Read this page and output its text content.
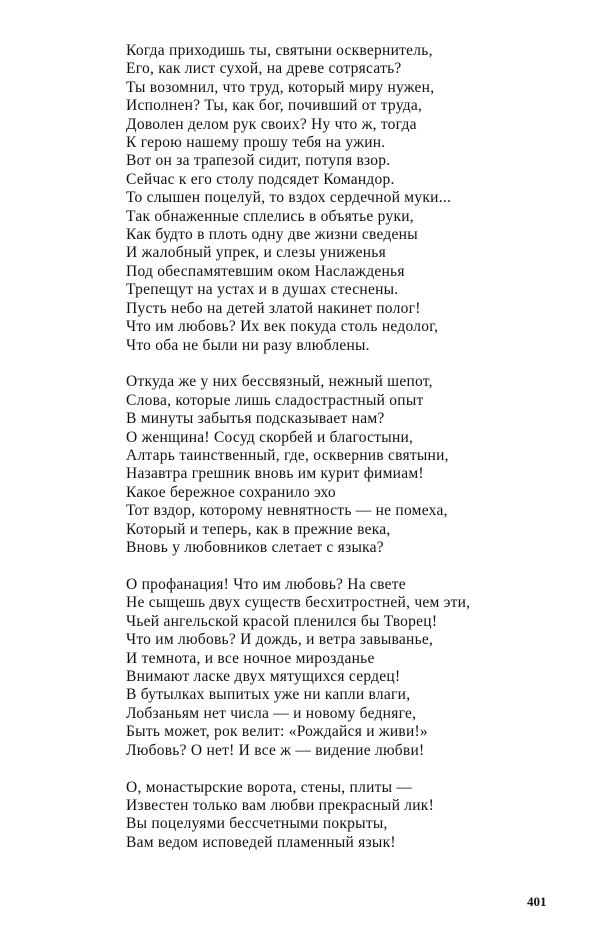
Когда приходишь ты, святыни осквернитель,
Его, как лист сухой, на древе сотрясать?
Ты возомнил, что труд, который миру нужен,
Исполнен? Ты, как бог, почивший от труда,
Доволен делом рук своих? Ну что ж, тогда
К герою нашему прошу тебя на ужин.
Вот он за трапезой сидит, потупя взор.
Сейчас к его столу подсядет Командор.
То слышен поцелуй, то вздох сердечной муки...
Так обнаженные сплелись в объятье руки,
Как будто в плоть одну две жизни сведены
И жалобный упрек, и слезы униженья
Под обеспамятевшим оком Наслажденья
Трепещут на устах и в душах стеснены.
Пусть небо на детей златой накинет полог!
Что им любовь? Их век покуда столь недолог,
Что оба не были ни разу влюблены.
Откуда же у них бессвязный, нежный шепот,
Слова, которые лишь сладострастный опыт
В минуты забытья подсказывает нам?
О женщина! Сосуд скорбей и благостыни,
Алтарь таинственный, где, осквернив святыни,
Назавтра грешник вновь им курит фимиам!
Какое бережное сохранило эхо
Тот вздор, которому невнятность — не помеха,
Который и теперь, как в прежние века,
Вновь у любовников слетает с языка?
О профанация! Что им любовь? На свете
Не сыщешь двух существ бесхитростней, чем эти,
Чьей ангельской красой пленился бы Творец!
Что им любовь? И дождь, и ветра завыванье,
И темнота, и все ночное мирозданье
Внимают ласке двух мятущихся сердец!
В бутылках выпитых уже ни капли влаги,
Лобзаньям нет числа — и новому бедняге,
Быть может, рок велит: «Рождайся и живи!»
Любовь? О нет! И все ж — видение любви!
О, монастырские ворота, стены, плиты —
Известен только вам любви прекрасный лик!
Вы поцелуями бессчетными покрыты,
Вам ведом исповедей пламенный язык!
401
